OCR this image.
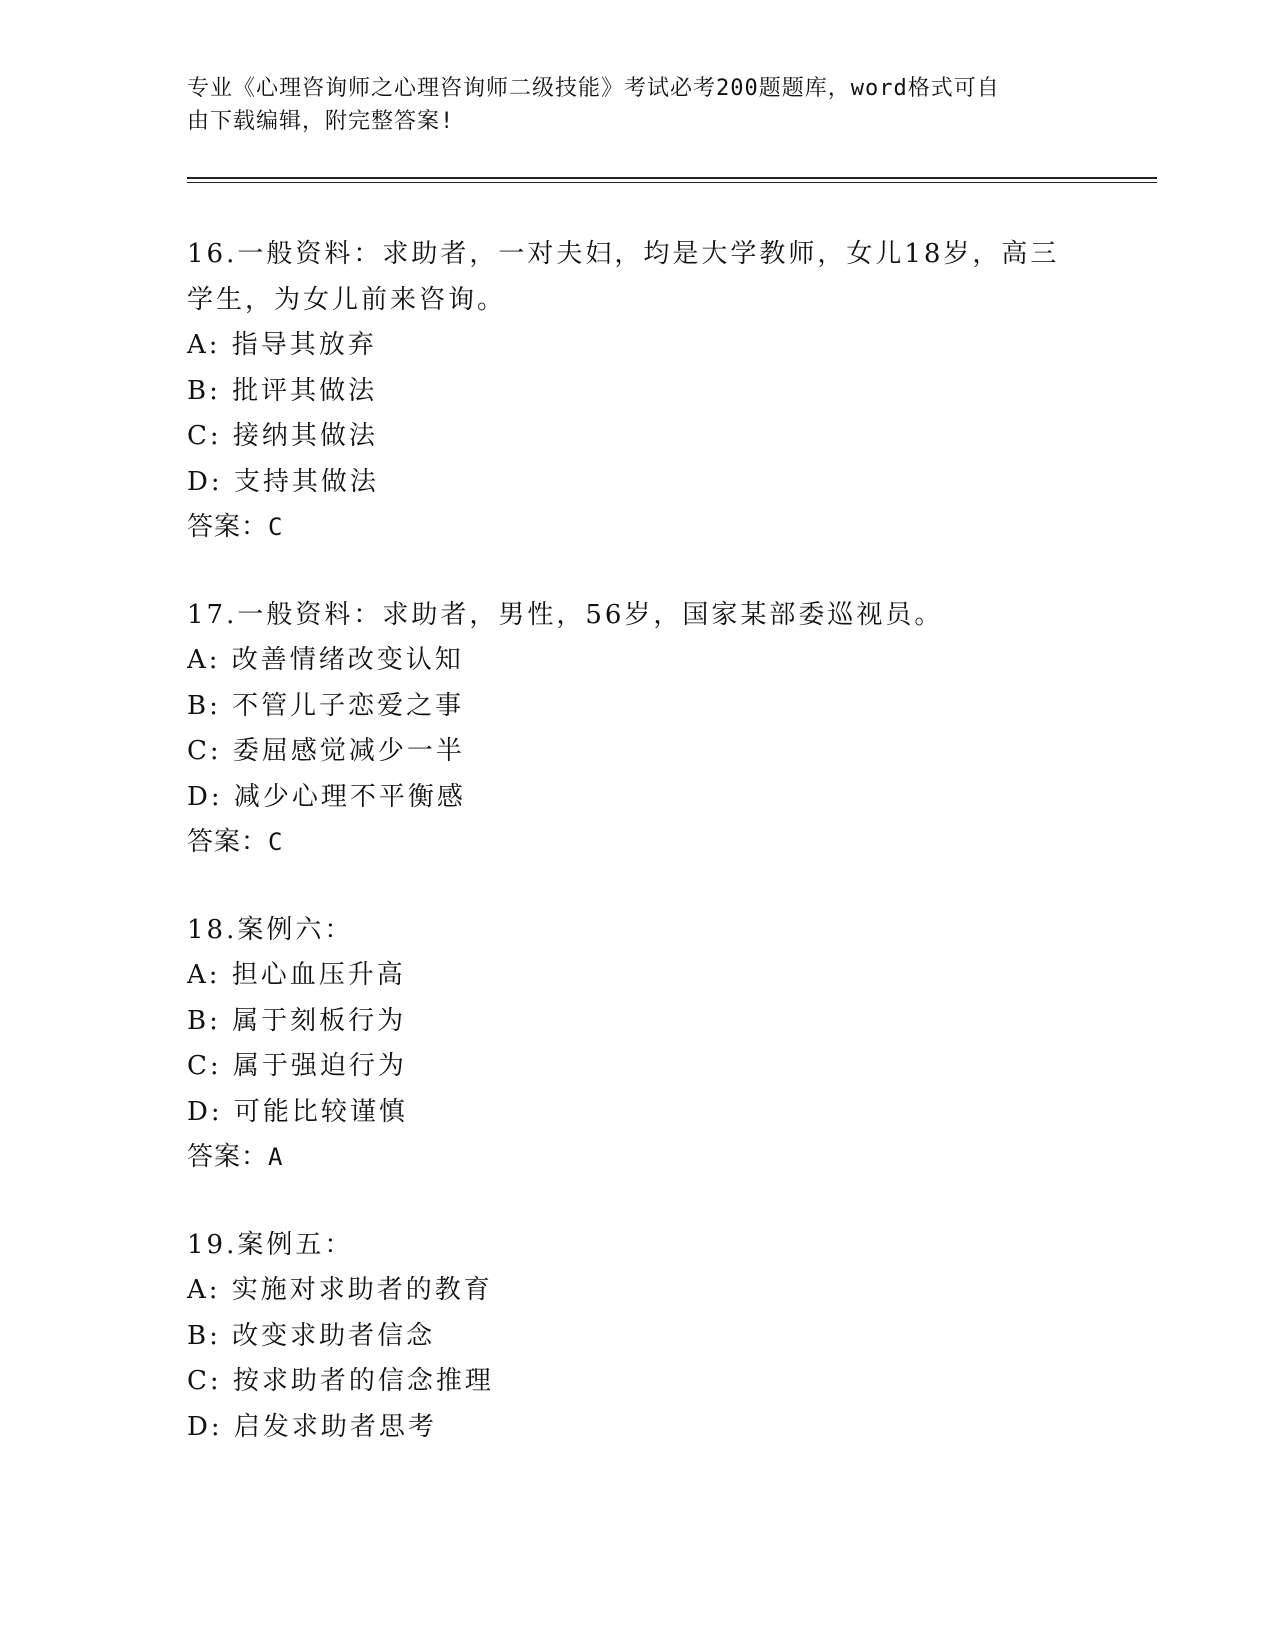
专业《心理咨询师之心理咨询师二级技能》考试必考200题题库，word格式可自
由下载编辑，附完整答案!
16.一般资料：求助者，一对夫妇，均是大学教师，女儿18岁，高三
学生，为女儿前来咨询。
A: 指导其放弃
B: 批评其做法
C: 接纳其做法
D: 支持其做法
答案：C
17.一般资料：求助者，男性，56岁，国家某部委巡视员。
A: 改善情绪改变认知
B: 不管儿子恋爱之事
C: 委屈感觉减少一半
D: 减少心理不平衡感
答案：C
18.案例六：
A: 担心血压升高
B: 属于刻板行为
C: 属于强迫行为
D: 可能比较谨慎
答案：A
19.案例五：
A: 实施对求助者的教育
B: 改变求助者信念
C: 按求助者的信念推理
D: 启发求助者思考
